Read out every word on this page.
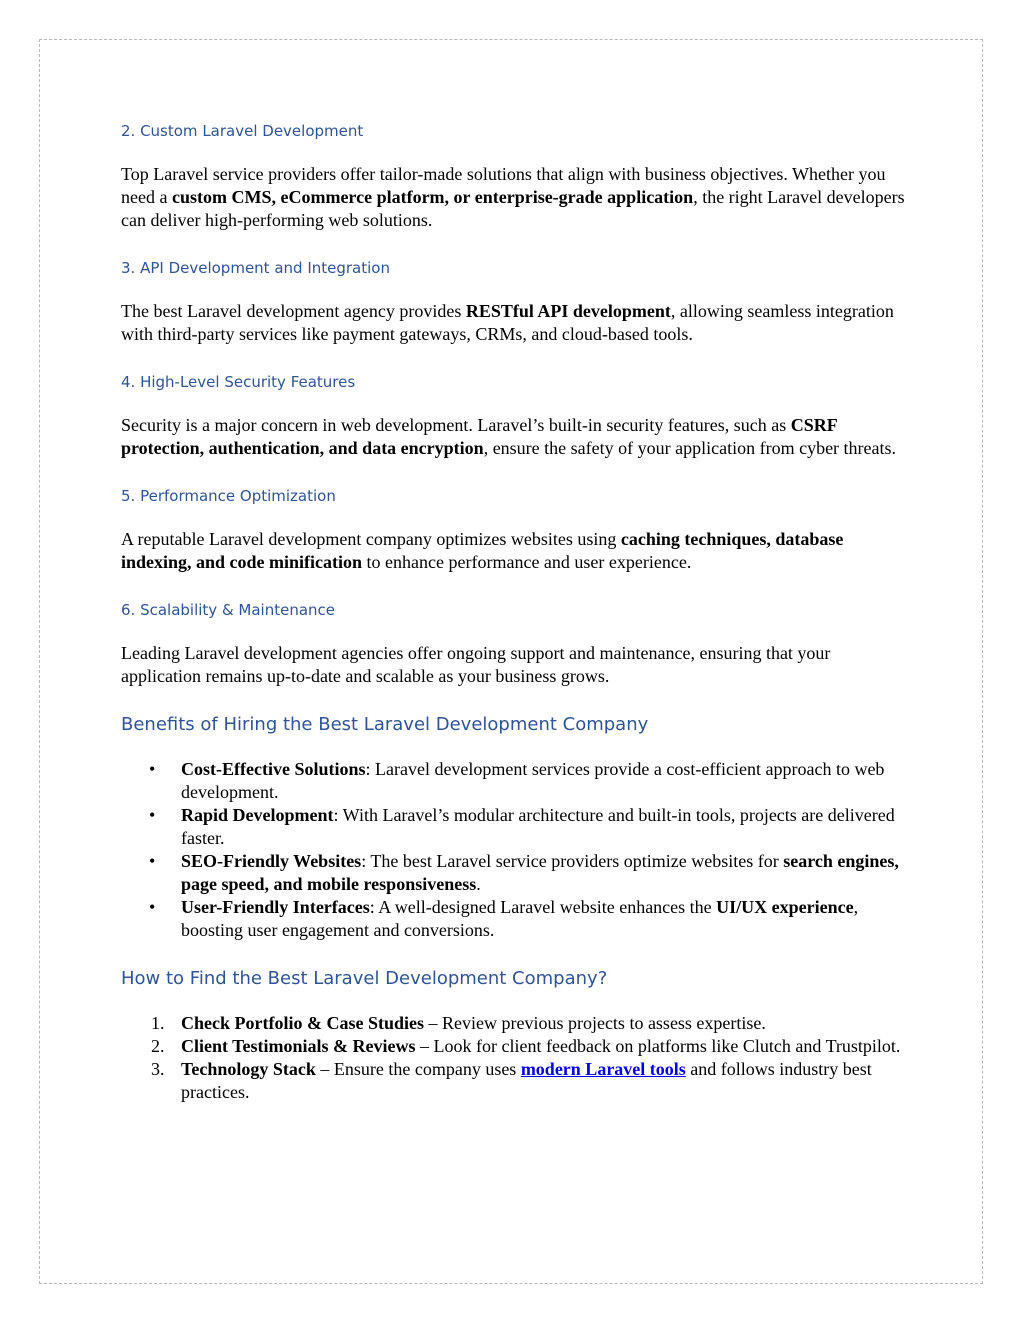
2. Custom Laravel Development

Top Laravel service providers offer tailor-made solutions that align with business objectives. Whether you need a custom CMS, eCommerce platform, or enterprise-grade application, the right Laravel developers can deliver high-performing web solutions.

3. API Development and Integration

The best Laravel development agency provides RESTful API development, allowing seamless integration with third-party services like payment gateways, CRMs, and cloud-based tools.

4. High-Level Security Features

Security is a major concern in web development. Laravel’s built-in security features, such as CSRF protection, authentication, and data encryption, ensure the safety of your application from cyber threats.

5. Performance Optimization

A reputable Laravel development company optimizes websites using caching techniques, database indexing, and code minification to enhance performance and user experience.

6. Scalability & Maintenance

Leading Laravel development agencies offer ongoing support and maintenance, ensuring that your application remains up-to-date and scalable as your business grows.

Benefits of Hiring the Best Laravel Development Company
• Cost-Effective Solutions: Laravel development services provide a cost-efficient approach to web development.
• Rapid Development: With Laravel’s modular architecture and built-in tools, projects are delivered faster.
• SEO-Friendly Websites: The best Laravel service providers optimize websites for search engines, page speed, and mobile responsiveness.
• User-Friendly Interfaces: A well-designed Laravel website enhances the UI/UX experience, boosting user engagement and conversions.
How to Find the Best Laravel Development Company?
1. Check Portfolio & Case Studies – Review previous projects to assess expertise.
2. Client Testimonials & Reviews – Look for client feedback on platforms like Clutch and Trustpilot.
3. Technology Stack – Ensure the company uses modern Laravel tools and follows industry best practices.
